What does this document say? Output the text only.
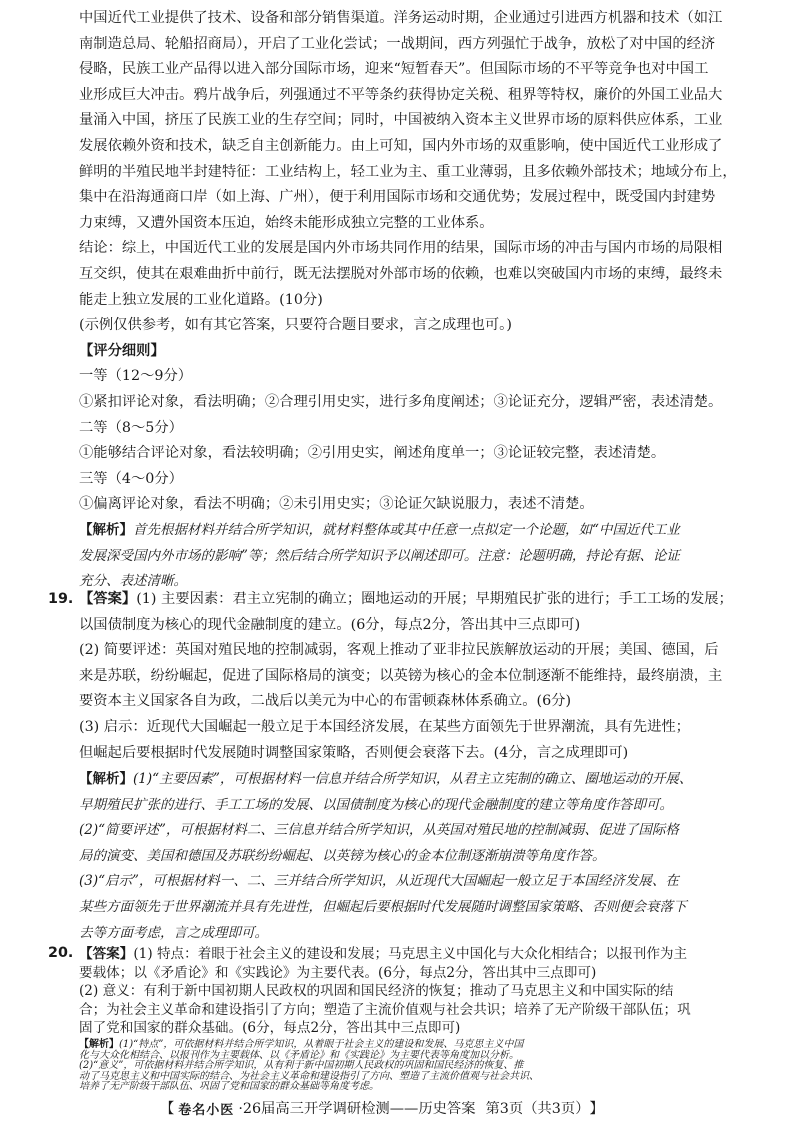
中国近代工业提供了技术、设备和部分销售渠道。洋务运动时期，企业通过引进西方机器和技术（如江
南制造总局、轮船招商局），开启了工业化尝试；一战期间，西方列强忙于战争，放松了对中国的经济
侵略，民族工业产品得以进入部分国际市场，迎来“短暂春天”。但国际市场的不平等竞争也对中国工
业形成巨大冲击。鸦片战争后，列强通过不平等条约获得协定关税、租界等特权，廉价的外国工业品大
量涌入中国，挤压了民族工业的生存空间；同时，中国被纳入资本主义世界市场的原料供应体系，工业
发展依赖外资和技术，缺乏自主创新能力。由上可知，国内外市场的双重影响，使中国近代工业形成了
鲜明的半殖民地半封建特征：工业结构上，轻工业为主、重工业薄弱，且多依赖外部技术；地域分布上，
集中在沿海通商口岸（如上海、广州），便于利用国际市场和交通优势；发展过程中，既受国内封建势
力束缚，又遭外国资本压迫，始终未能形成独立完整的工业体系。
结论：综上，中国近代工业的发展是国内外市场共同作用的结果，国际市场的冲击与国内市场的局限相
互交织，使其在艰难曲折中前行，既无法摆脱对外部市场的依赖，也难以突破国内市场的束缚，最终未
能走上独立发展的工业化道路。(10分)
(示例仅供参考，如有其它答案，只要符合题目要求，言之成理也可。)
【评分细则】
一等（12～9分）
①紧扣评论对象，看法明确；②合理引用史实，进行多角度阐述；③论证充分，逻辑严密，表述清楚。
二等（8～5分）
①能够结合评论对象，看法较明确；②引用史实，阐述角度单一；③论证较完整，表述清楚。
三等（4～0分）
①偏离评论对象，看法不明确；②未引用史实；③论证欠缺说服力，表述不清楚。
【解析】首先根据材料并结合所学知识，就材料整体或其中任意一点拟定一个论题，如“中国近代工业
发展深受国内外市场的影响”等；然后结合所学知识予以阐述即可。注意：论题明确，持论有据、论证
充分、表述清晰。
19. 【答案】(1) 主要因素：君主立宪制的确立；圈地运动的开展；早期殖民扩张的进行；手工工场的发展；
以国债制度为核心的现代金融制度的建立。(6分，每点2分，答出其中三点即可)
(2) 简要评述：英国对殖民地的控制减弱，客观上推动了亚非拉民族解放运动的开展；美国、德国，后
来是苏联，纷纷崛起，促进了国际格局的演变；以英镑为核心的金本位制逐渐不能维持，最终崩溃，主
要资本主义国家各自为政，二战后以美元为中心的布雷顿森林体系确立。(6分)
(3) 启示：近现代大国崛起一般立足于本国经济发展，在某些方面领先于世界潮流，具有先进性；
但崛起后要根据时代发展随时调整国家策略，否则便会衰落下去。(4分，言之成理即可)
【解析】(1)“主要因素”，可根据材料一信息并结合所学知识，从君主立宪制的确立、圈地运动的开展、
早期殖民扩张的进行、手工工场的发展、以国债制度为核心的现代金融制度的建立等角度作答即可。
(2)“简要评述”，可根据材料二、三信息并结合所学知识，从英国对殖民地的控制减弱、促进了国际格
局的演变、美国和德国及苏联纷纷崛起、以英镑为核心的金本位制逐渐崩溃等角度作答。
(3)“启示”，可根据材料一、二、三并结合所学知识，从近现代大国崛起一般立足于本国经济发展、在
某些方面领先于世界潮流并具有先进性，但崛起后要根据时代发展随时调整国家策略、否则便会衰落下
去等方面考虑，言之成理即可。
20. 【答案】(1) 特点：着眼于社会主义的建设和发展；马克思主义中国化与大众化相结合；以报刊作为主
要载体；以《矛盾论》和《实践论》为主要代表。(6分，每点2分，答出其中三点即可)
(2) 意义：有利于新中国初期人民政权的巩固和国民经济的恢复；推动了马克思主义和中国实际的结
合；为社会主义革命和建设指引了方向；塑造了主流价值观与社会共识；培养了无产阶级干部队伍；巩
固了党和国家的群众基础。(6分，每点2分，答出其中三点即可)
【 卷名小医 ·26届高三开学调研检测——历史答案 第3页（共3页） 】
【解析】(1)“特点”，可依据材料并结合所学知识，从着眼于社会主义的建设和发展、马克思主义中国
化与大众化相结合、以报刊作为主要载体、以《矛盾论》和《实践论》为主要代表等角度加以分析。
(2)“意义”，可依据材料并结合所学知识，从有利于新中国初期人民政权的巩固和国民经济的恢复、推
动了马克思主义和中国实际的结合、为社会主义革命和建设指引了方向、塑造了主流价值观与社会共识、
培养了无产阶级干部队伍、巩固了党和国家的群众基础等角度考虑。
